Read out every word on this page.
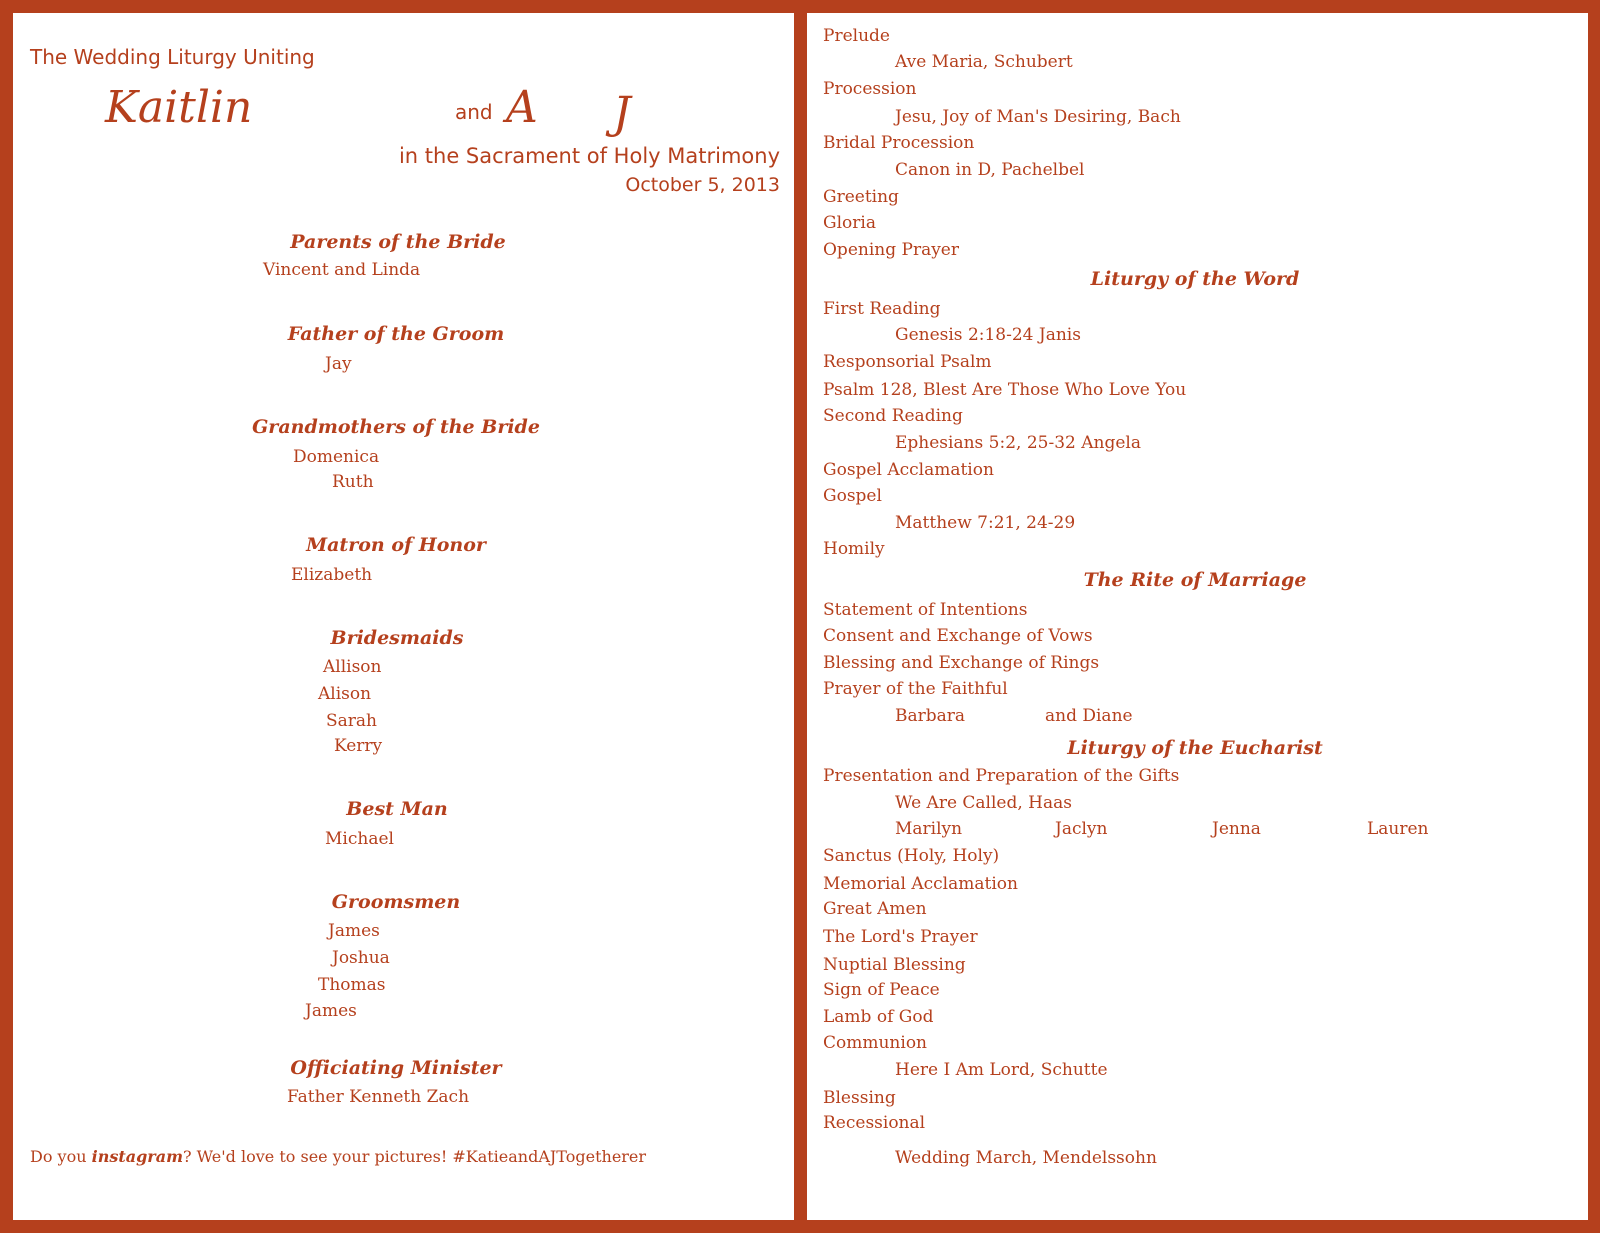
The Wedding Liturgy Uniting
Kaitlin	and A J
in the Sacrament of Holy Matrimony
October 5, 2013
Parents of the Bride
Vincent and Linda
Father of the Groom
Jay
Grandmothers of the Bride
Domenica
Ruth
Matron of Honor
Elizabeth
Bridesmaids
Allison
Alison
Sarah
Kerry
Best Man
Michael
Groomsmen
James
Joshua
Thomas
James
Officiating Minister
Father Kenneth Zach
Do you instagram? We'd love to see your pictures! #KatieandAJTogetherer
Prelude
Ave Maria, Schubert
Procession
Jesu, Joy of Man's Desiring, Bach
Bridal Procession
Canon in D, Pachelbel
Greeting
Gloria
Opening Prayer
Liturgy of the Word
First Reading
Genesis 2:18-24 Janis
Responsorial Psalm
Psalm 128, Blest Are Those Who Love You
Second Reading
Ephesians 5:2, 25-32 Angela
Gospel Acclamation
Gospel
Matthew 7:21, 24-29
Homily
The Rite of Marriage
Statement of Intentions
Consent and Exchange of Vows
Blessing and Exchange of Rings
Prayer of the Faithful
Barbara	and Diane
Liturgy of the Eucharist
Presentation and Preparation of the Gifts
We Are Called, Haas
Marilyn	Jaclyn	Jenna	Lauren
Sanctus (Holy, Holy)
Memorial Acclamation
Great Amen
The Lord's Prayer
Nuptial Blessing
Sign of Peace
Lamb of God
Communion
Here I Am Lord, Schutte
Blessing
Recessional
Wedding March, Mendelssohn
